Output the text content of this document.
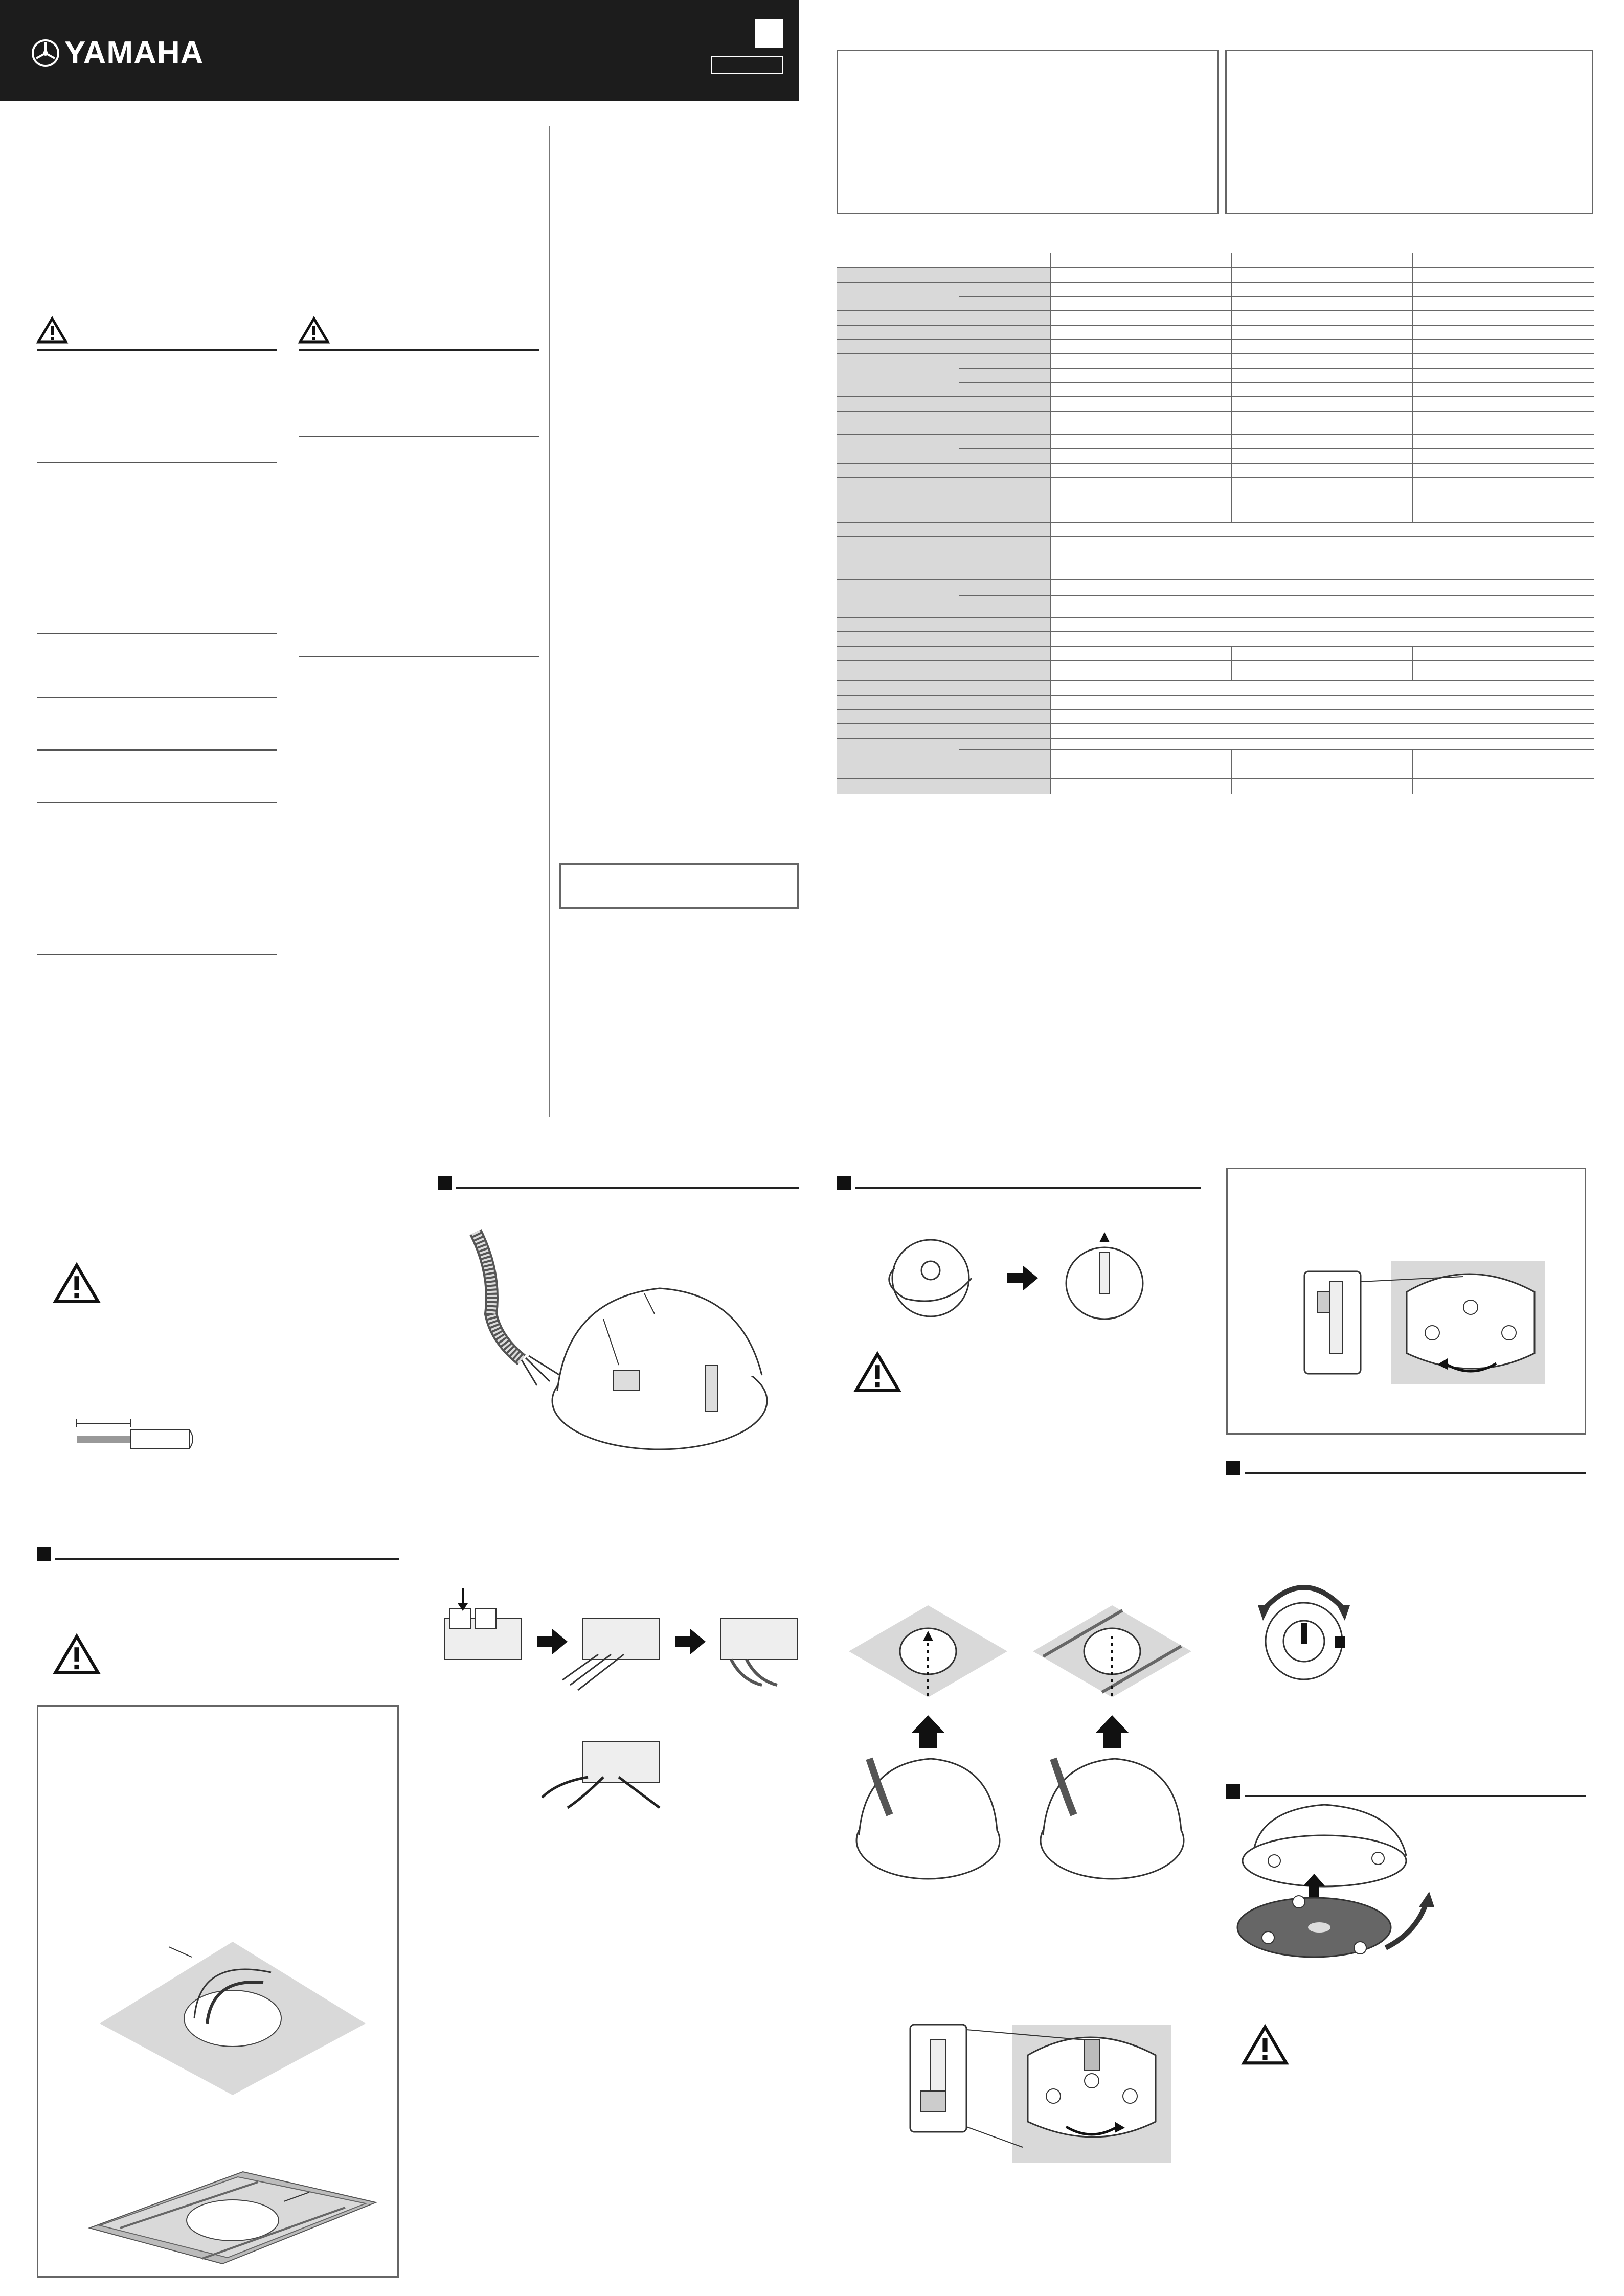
YAMAHA
